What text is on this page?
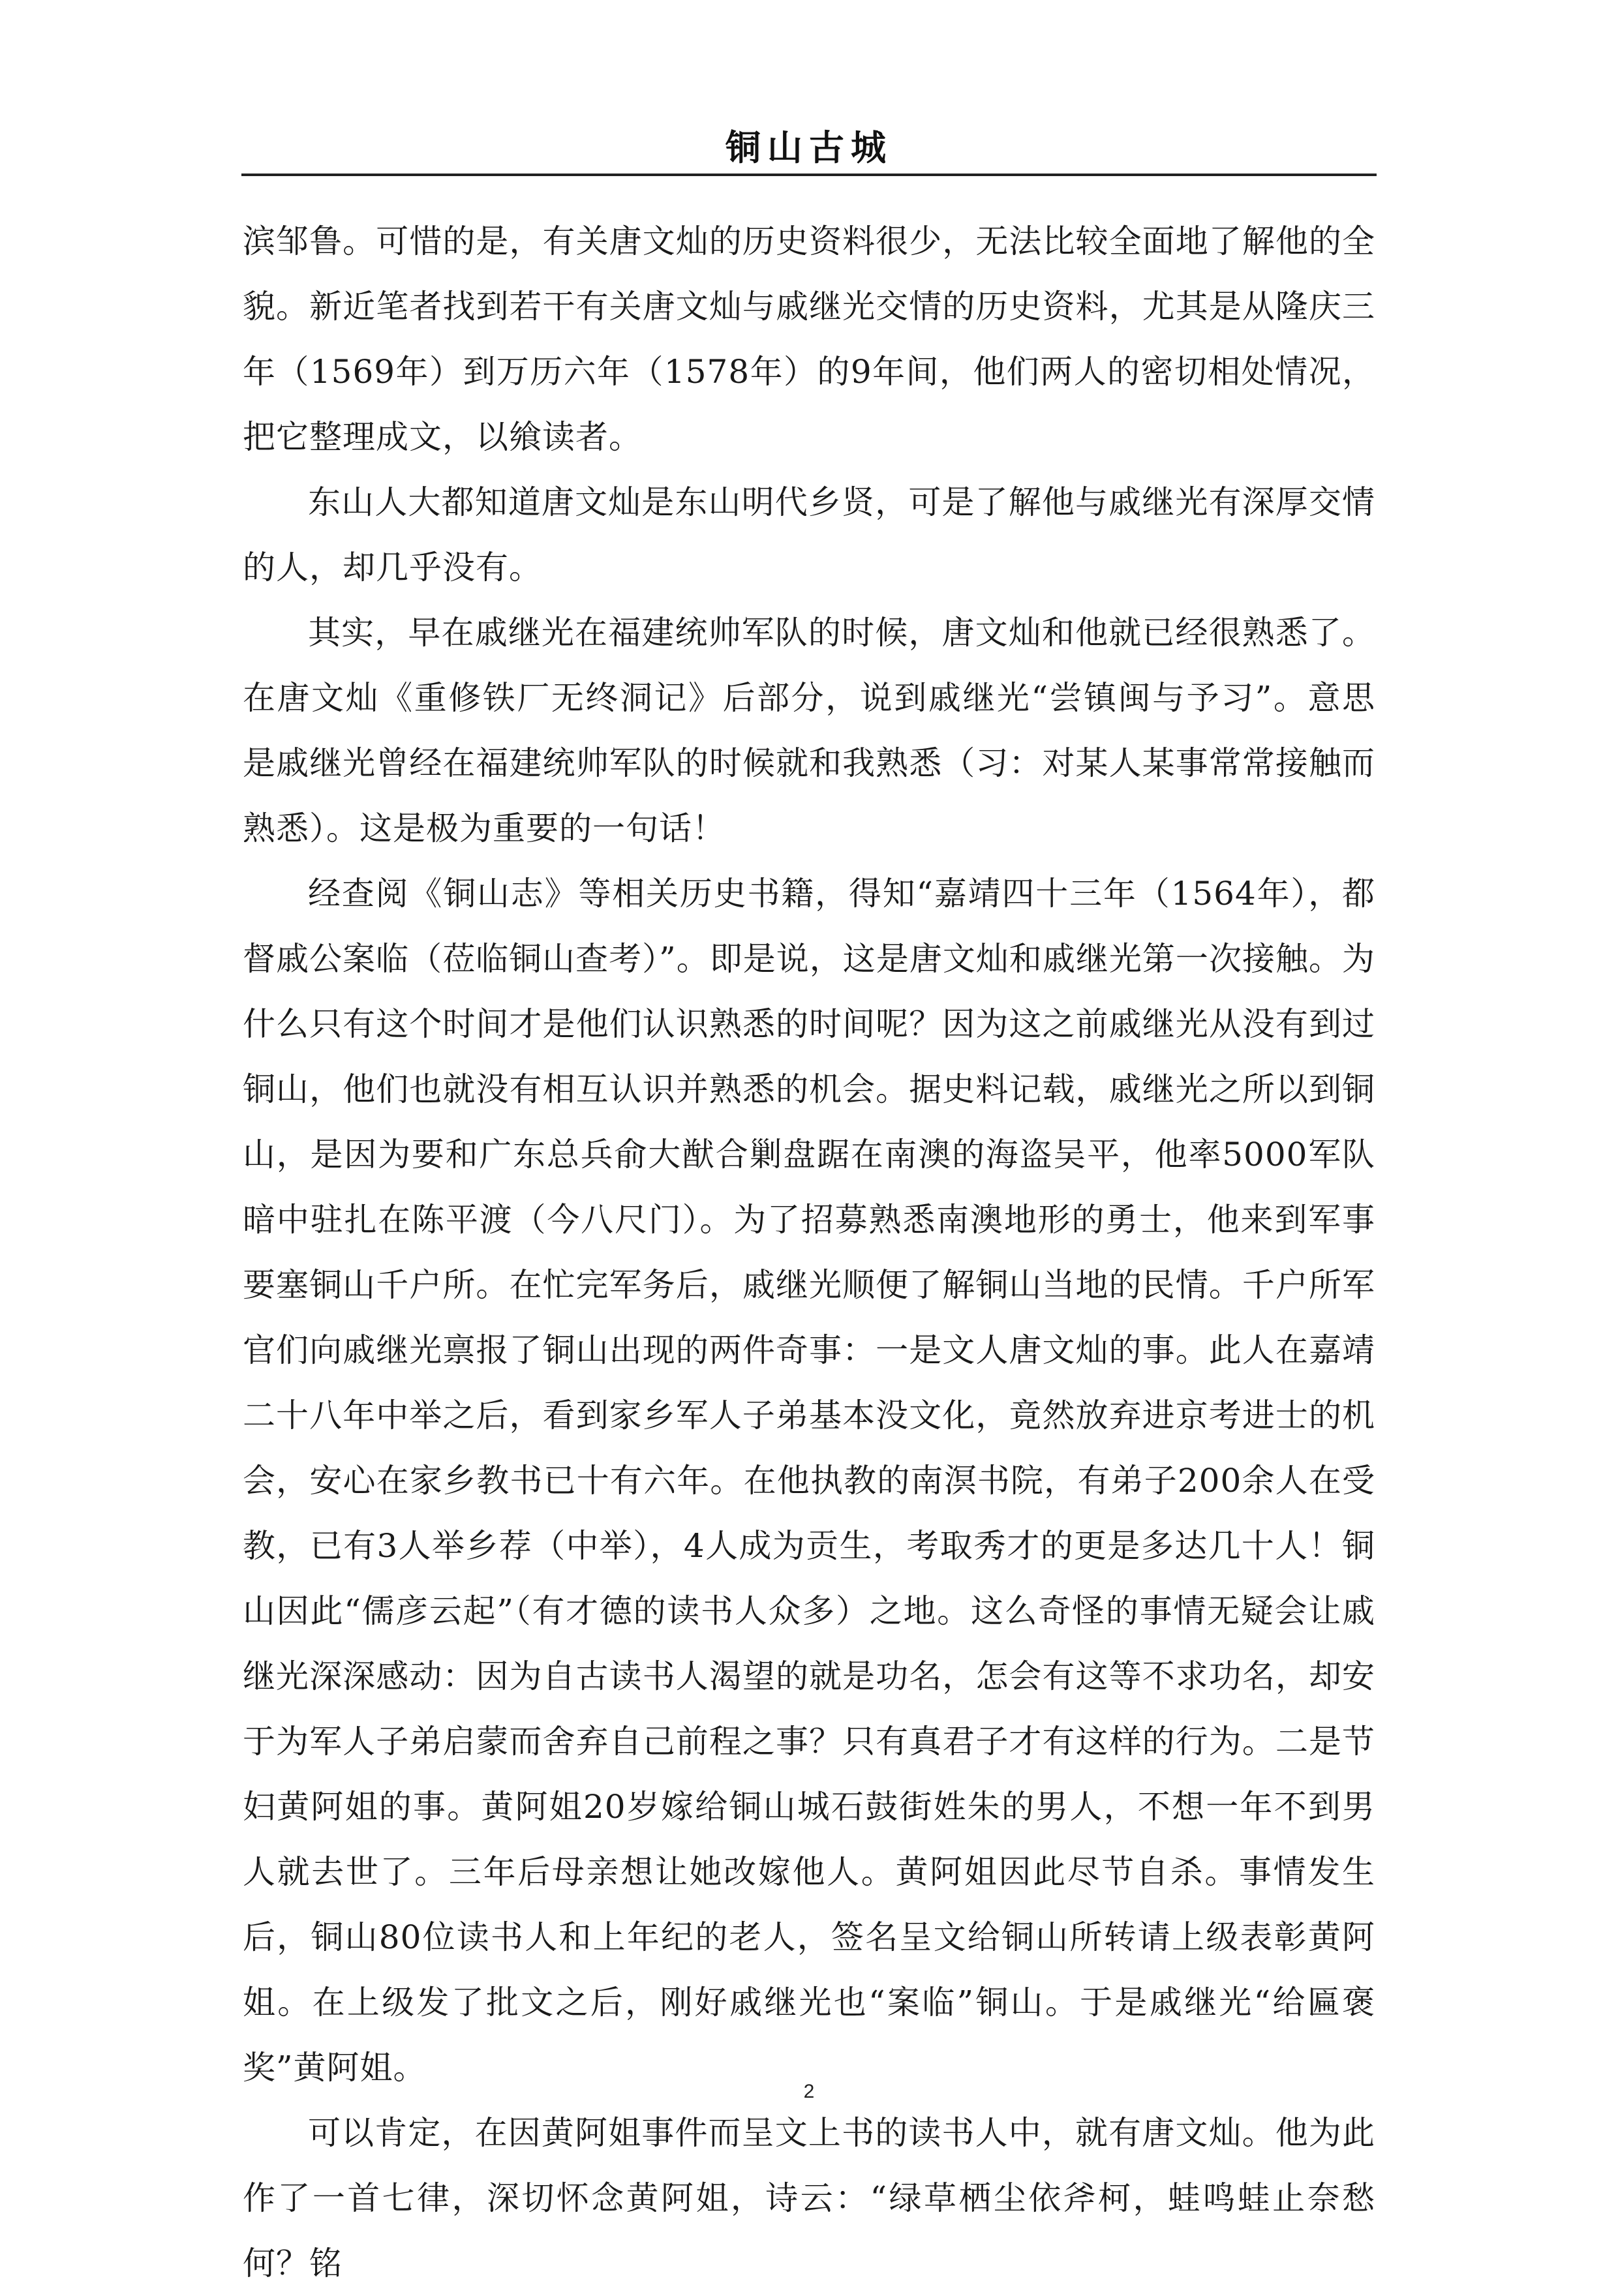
铜山古城

滨邹鲁。可惜的是，有关唐文灿的历史资料很少，无法比较全面地了解他的全貌。新近笔者找到若干有关唐文灿与戚继光交情的历史资料，尤其是从隆庆三年（1569年）到万历六年（1578年）的9年间，他们两人的密切相处情况，把它整理成文，以飨读者。

东山人大都知道唐文灿是东山明代乡贤，可是了解他与戚继光有深厚交情的人，却几乎没有。

其实，早在戚继光在福建统帅军队的时候，唐文灿和他就已经很熟悉了。在唐文灿《重修铁厂无终洞记》后部分，说到戚继光“尝镇闽与予习”。意思是戚继光曾经在福建统帅军队的时候就和我熟悉（习：对某人某事常常接触而熟悉）。这是极为重要的一句话！

经查阅《铜山志》等相关历史书籍，得知“嘉靖四十三年（1564年），都督戚公案临（莅临铜山查考）”。即是说，这是唐文灿和戚继光第一次接触。为什么只有这个时间才是他们认识熟悉的时间呢？因为这之前戚继光从没有到过铜山，他们也就没有相互认识并熟悉的机会。据史料记载，戚继光之所以到铜山，是因为要和广东总兵俞大猷合剿盘踞在南澳的海盗吴平，他率5000军队暗中驻扎在陈平渡（今八尺门）。为了招募熟悉南澳地形的勇士，他来到军事要塞铜山千户所。在忙完军务后，戚继光顺便了解铜山当地的民情。千户所军官们向戚继光禀报了铜山出现的两件奇事：一是文人唐文灿的事。此人在嘉靖二十八年中举之后，看到家乡军人子弟基本没文化，竟然放弃进京考进士的机会，安心在家乡教书已十有六年。在他执教的南溟书院，有弟子200余人在受教，已有3人举乡荐（中举），4人成为贡生，考取秀才的更是多达几十人！铜山因此“儒彦云起”（有才德的读书人众多）之地。这么奇怪的事情无疑会让戚继光深深感动：因为自古读书人渴望的就是功名，怎会有这等不求功名，却安于为军人子弟启蒙而舍弃自己前程之事？只有真君子才有这样的行为。二是节妇黄阿姐的事。黄阿姐20岁嫁给铜山城石鼓街姓朱的男人，不想一年不到男人就去世了。三年后母亲想让她改嫁他人。黄阿姐因此尽节自杀。事情发生后，铜山80位读书人和上年纪的老人，签名呈文给铜山所转请上级表彰黄阿姐。在上级发了批文之后，刚好戚继光也“案临”铜山。于是戚继光“给匾褒奖”黄阿姐。

可以肯定，在因黄阿姐事件而呈文上书的读书人中，就有唐文灿。他为此作了一首七律，深切怀念黄阿姐，诗云：“绿草栖尘依斧柯，蛙鸣蛙止奈愁何？铭

2
